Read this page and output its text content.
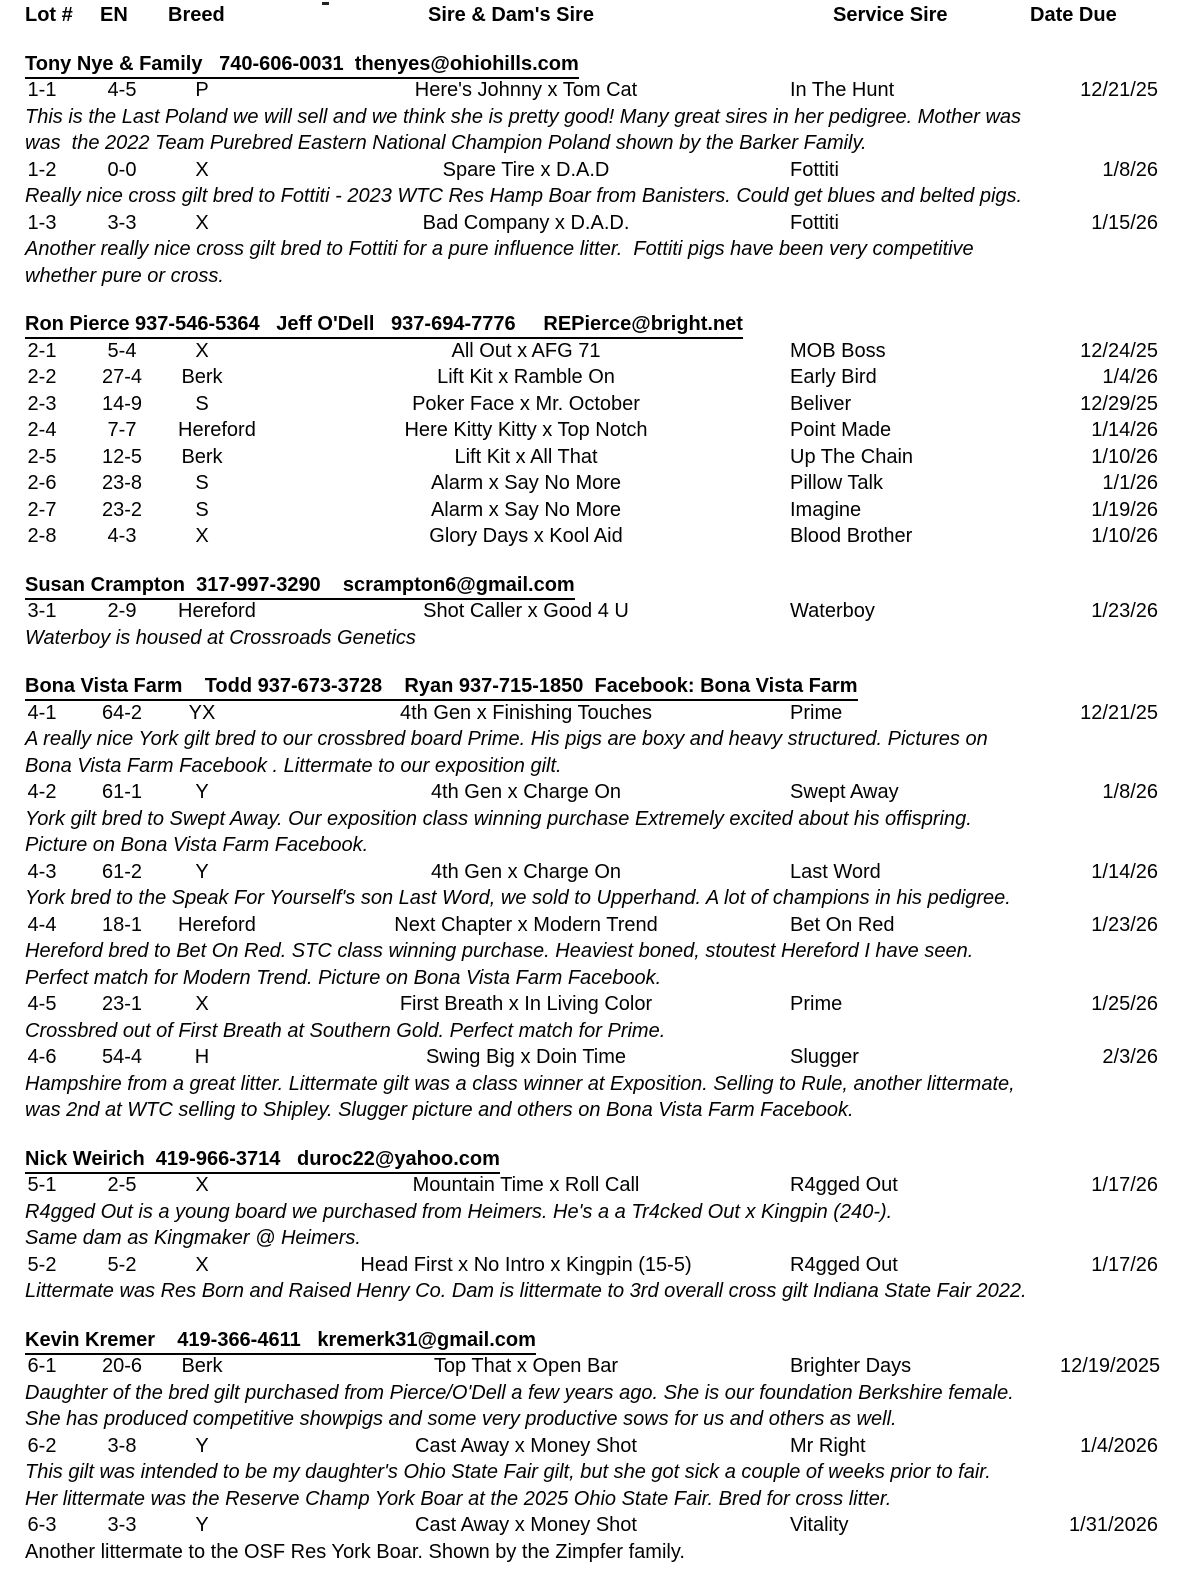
Lot # EN Breed	Sire & Dam's Sire	Service Sire	Date Due
Tony Nye & Family   740-606-0031  thenyes@ohiohills.com
1-1	4-5	P	Here's Johnny x Tom Cat	In The Hunt	12/21/25
This is the Last Poland we will sell and we think she is pretty good! Many great sires in her pedigree. Mother was
was  the 2022 Team Purebred Eastern National Champion Poland shown by the Barker Family.
1-2	0-0	X	Spare Tire x D.A.D	Fottiti	1/8/26
Really nice cross gilt bred to Fottiti - 2023 WTC Res Hamp Boar from Banisters. Could get blues and belted pigs.
1-3	3-3	X	Bad Company x D.A.D.	Fottiti	1/15/26
Another really nice cross gilt bred to Fottiti for a pure influence litter.  Fottiti pigs have been very competitive
whether pure or cross.
Ron Pierce 937-546-5364   Jeff O'Dell   937-694-7776     REPierce@bright.net
2-1	5-4	X	All Out x AFG 71	MOB Boss	12/24/25
2-2	27-4	Berk	Lift Kit x Ramble On	Early Bird	1/4/26
2-3	14-9	S	Poker Face x Mr. October	Beliver	12/29/25
2-4	7-7	Hereford	Here Kitty Kitty x Top Notch	Point Made	1/14/26
2-5	12-5	Berk	Lift Kit x All That	Up The Chain	1/10/26
2-6	23-8	S	Alarm x Say No More	Pillow Talk	1/1/26
2-7	23-2	S	Alarm x Say No More	Imagine	1/19/26
2-8	4-3	X	Glory Days x Kool Aid	Blood Brother	1/10/26
Susan Crampton  317-997-3290    scrampton6@gmail.com
3-1	2-9	Hereford	Shot Caller x Good 4 U	Waterboy	1/23/26
Waterboy is housed at Crossroads Genetics
Bona Vista Farm    Todd 937-673-3728    Ryan 937-715-1850  Facebook: Bona Vista Farm
4-1	64-2	YX	4th Gen x Finishing Touches	Prime	12/21/25
A really nice York gilt bred to our crossbred board Prime. His pigs are boxy and heavy structured. Pictures on
Bona Vista Farm Facebook . Littermate to our exposition gilt.
4-2	61-1	Y	4th Gen x Charge On	Swept Away	1/8/26
York gilt bred to Swept Away. Our exposition class winning purchase Extremely excited about his offispring.
Picture on Bona Vista Farm Facebook.
4-3	61-2	Y	4th Gen x Charge On	Last Word	1/14/26
York bred to the Speak For Yourself's son Last Word, we sold to Upperhand. A lot of champions in his pedigree.
4-4	18-1	Hereford	Next Chapter x Modern Trend	Bet On Red	1/23/26
Hereford bred to Bet On Red. STC class winning purchase. Heaviest boned, stoutest Hereford I have seen.
Perfect match for Modern Trend. Picture on Bona Vista Farm Facebook.
4-5	23-1	X	First Breath x In Living Color	Prime	1/25/26
Crossbred out of First Breath at Southern Gold. Perfect match for Prime.
4-6	54-4	H	Swing Big x Doin Time	Slugger	2/3/26
Hampshire from a great litter. Littermate gilt was a class winner at Exposition. Selling to Rule, another littermate,
was 2nd at WTC selling to Shipley. Slugger picture and others on Bona Vista Farm Facebook.
Nick Weirich  419-966-3714   duroc22@yahoo.com
5-1	2-5	X	Mountain Time x Roll Call	R4gged Out	1/17/26
R4gged Out is a young board we purchased from Heimers. He's a a Tr4cked Out x Kingpin (240-).
Same dam as Kingmaker @ Heimers.
5-2	5-2	X	Head First x No Intro x Kingpin (15-5)	R4gged Out	1/17/26
Littermate was Res Born and Raised Henry Co. Dam is littermate to 3rd overall cross gilt Indiana State Fair 2022.
Kevin Kremer    419-366-4611   kremerk31@gmail.com
6-1	20-6	Berk	Top That x Open Bar	Brighter Days	12/19/2025
Daughter of the bred gilt purchased from Pierce/O'Dell a few years ago. She is our foundation Berkshire female.
She has produced competitive showpigs and some very productive sows for us and others as well.
6-2	3-8	Y	Cast Away x Money Shot	Mr Right	1/4/2026
This gilt was intended to be my daughter's Ohio State Fair gilt, but she got sick a couple of weeks prior to fair.
Her littermate was the Reserve Champ York Boar at the 2025 Ohio State Fair. Bred for cross litter.
6-3	3-3	Y	Cast Away x Money Shot	Vitality	1/31/2026
Another littermate to the OSF Res York Boar. Shown by the Zimpfer family.
